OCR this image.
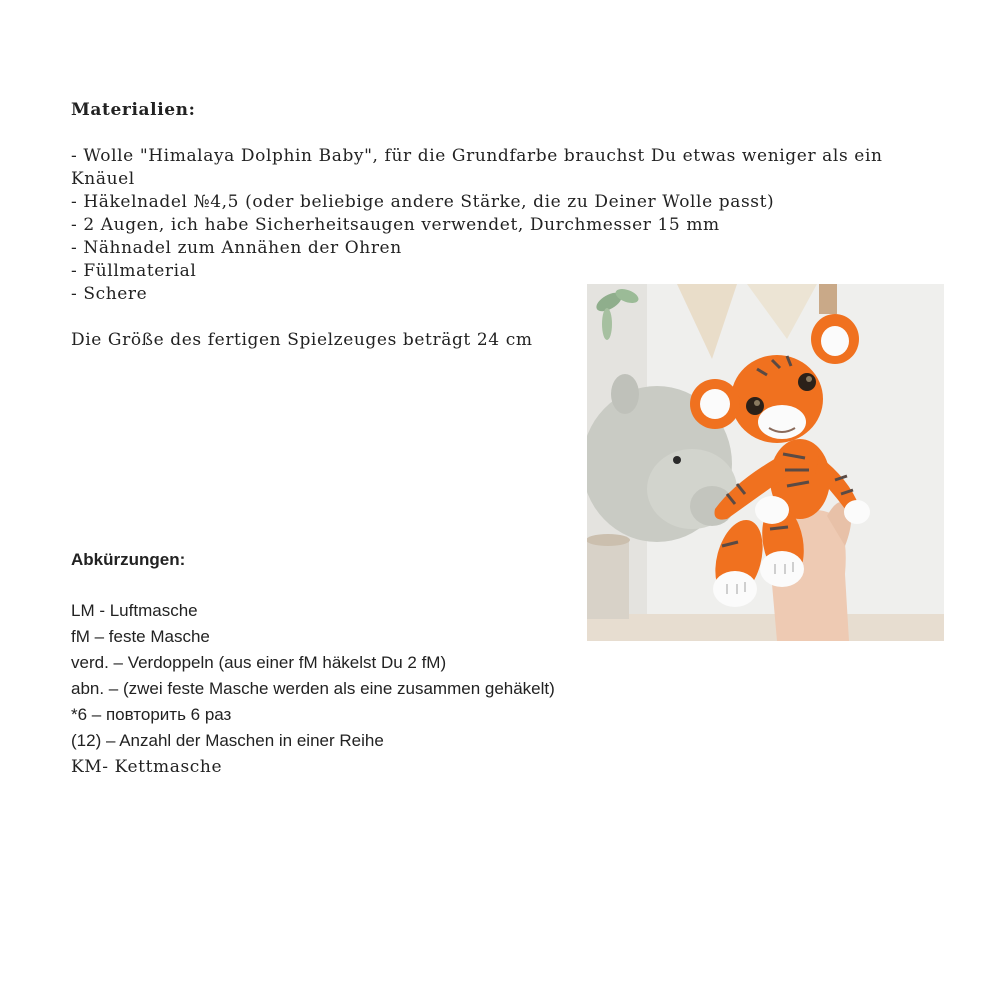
Materialien:
- Wolle "Himalaya Dolphin Baby", für die Grundfarbe brauchst Du etwas weniger als ein Knäuel
- Häkelnadel №4,5 (oder beliebige andere Stärke, die zu Deiner Wolle passt)
- 2 Augen, ich habe Sicherheitsaugen verwendet, Durchmesser 15 mm
- Nähnadel zum Annähen der Ohren
- Füllmaterial
- Schere
Die Größe des fertigen Spielzeuges beträgt 24 cm
Abkürzungen:
LM - Luftmasche
fM – feste Masche
verd. – Verdoppeln (aus einer fM häkelst Du 2 fM)
abn. – (zwei feste Masche werden als eine zusammen gehäkelt)
*6 – повторить 6 раз
(12) – Anzahl der Maschen in einer Reihe
KM- Kettmasche
